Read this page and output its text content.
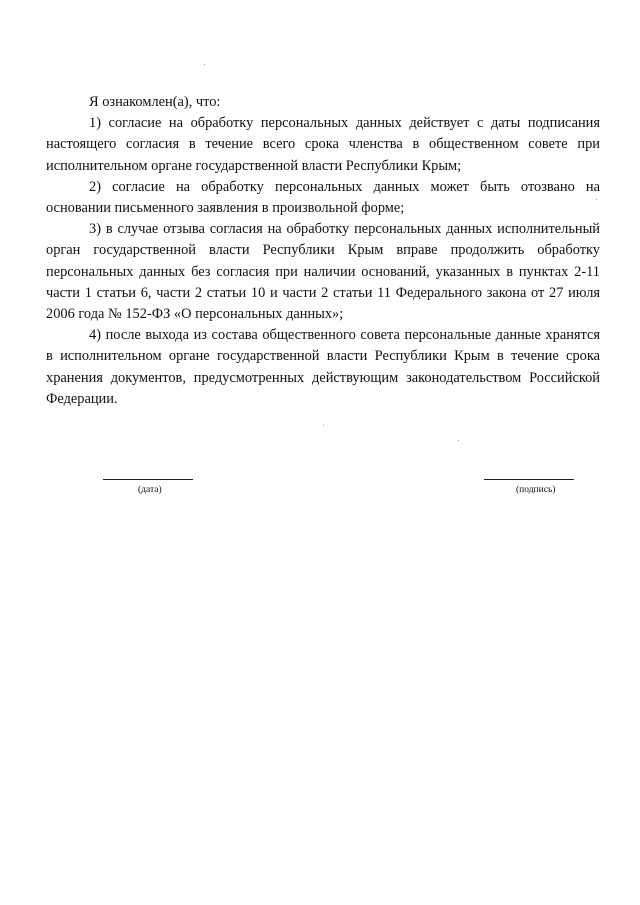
Я ознакомлен(а), что:

1) согласие на обработку персональных данных действует с даты подписания настоящего согласия в течение всего срока членства в общественном совете при исполнительном органе государственной власти Республики Крым;

2) согласие на обработку персональных данных может быть отозвано на основании письменного заявления в произвольной форме;

3) в случае отзыва согласия на обработку персональных данных исполнительный орган государственной власти Республики Крым вправе продолжить обработку персональных данных без согласия при наличии оснований, указанных в пунктах 2-11 части 1 статьи 6, части 2 статьи 10 и части 2 статьи 11 Федерального закона от 27 июля 2006 года № 152-ФЗ «О персональных данных»;

4) после выхода из состава общественного совета персональные данные хранятся в исполнительном органе государственной власти Республики Крым в течение срока хранения документов, предусмотренных действующим законодательством Российской Федерации.

(дата)	(подпись)
